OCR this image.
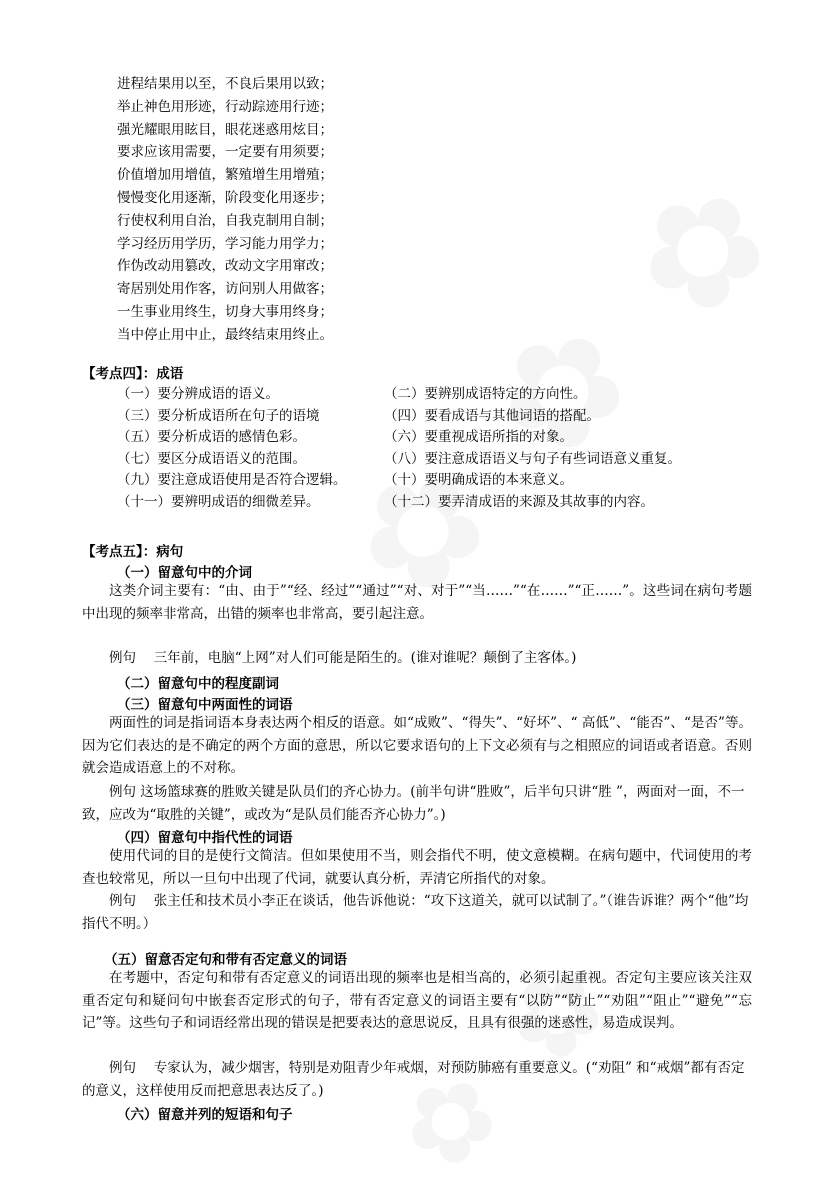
进程结果用以至，不良后果用以致；
举止神色用形迹，行动踪迹用行迹；
强光耀眼用眩目，眼花迷惑用炫目；
要求应该用需要，一定要有用须要；
价值增加用增值，繁殖增生用增殖；
慢慢变化用逐渐，阶段变化用逐步；
行使权利用自治，自我克制用自制；
学习经历用学历，学习能力用学力；
作伪改动用篡改，改动文字用窜改；
寄居别处用作客，访问别人用做客；
一生事业用终生，切身大事用终身；
当中停止用中止，最终结束用终止。
【考点四】：成语
（一）要分辨成语的语义。	（二）要辨别成语特定的方向性。
（三）要分析成语所在句子的语境	（四）要看成语与其他词语的搭配。
（五）要分析成语的感情色彩。	（六）要重视成语所指的对象。
（七）要区分成语语义的范围。	（八）要注意成语语义与句子有些词语意义重复。
（九）要注意成语使用是否符合逻辑。	（十）要明确成语的本来意义。
（十一）要辨明成语的细微差异。	（十二）要弄清成语的来源及其故事的内容。
【考点五】：病句
（一）留意句中的介词
这类介词主要有：“由、由于”“经、经过”“通过”“对、对于”“当……”“在……”“正……”。这些词在病句考题中出现的频率非常高，出错的频率也非常高，要引起注意。
例句　 三年前，电脑“上网”对人们可能是陌生的。(谁对谁呢？颠倒了主客体。)
（二）留意句中的程度副词
（三）留意句中两面性的词语
两面性的词是指词语本身表达两个相反的语意。如“成败”、“得失”、“好坏”、“ 高低”、“能否”、“是否”等。因为它们表达的是不确定的两个方面的意思，所以它要求语句的上下文必须有与之相照应的词语或者语意。否则就会造成语意上的不对称。
例句 这场篮球赛的胜败关键是队员们的齐心协力。(前半句讲“胜败”，后半句只讲“胜 ”，两面对一面，不一致，应改为“取胜的关键”，或改为“是队员们能否齐心协力”。)
（四）留意句中指代性的词语
使用代词的目的是使行文简洁。但如果使用不当，则会指代不明，使文意模糊。在病句题中，代词使用的考查也较常见，所以一旦句中出现了代词，就要认真分析，弄清它所指代的对象。
例句　 张主任和技术员小李正在谈话，他告诉他说：“攻下这道关，就可以试制了。”（谁告诉谁？两个“他”均指代不明。）
（五）留意否定句和带有否定意义的词语
在考题中，否定句和带有否定意义的词语出现的频率也是相当高的，必须引起重视。否定句主要应该关注双重否定句和疑问句中嵌套否定形式的句子，带有否定意义的词语主要有“以防”“防止”“劝阻”“阻止”“避免”“忘记”等。这些句子和词语经常出现的错误是把要表达的意思说反，且具有很强的迷惑性，易造成误判。
例句　 专家认为，减少烟害，特别是劝阻青少年戒烟，对预防肺癌有重要意义。(“劝阻” 和“戒烟”都有否定的意义，这样使用反而把意思表达反了。)
（六）留意并列的短语和句子
